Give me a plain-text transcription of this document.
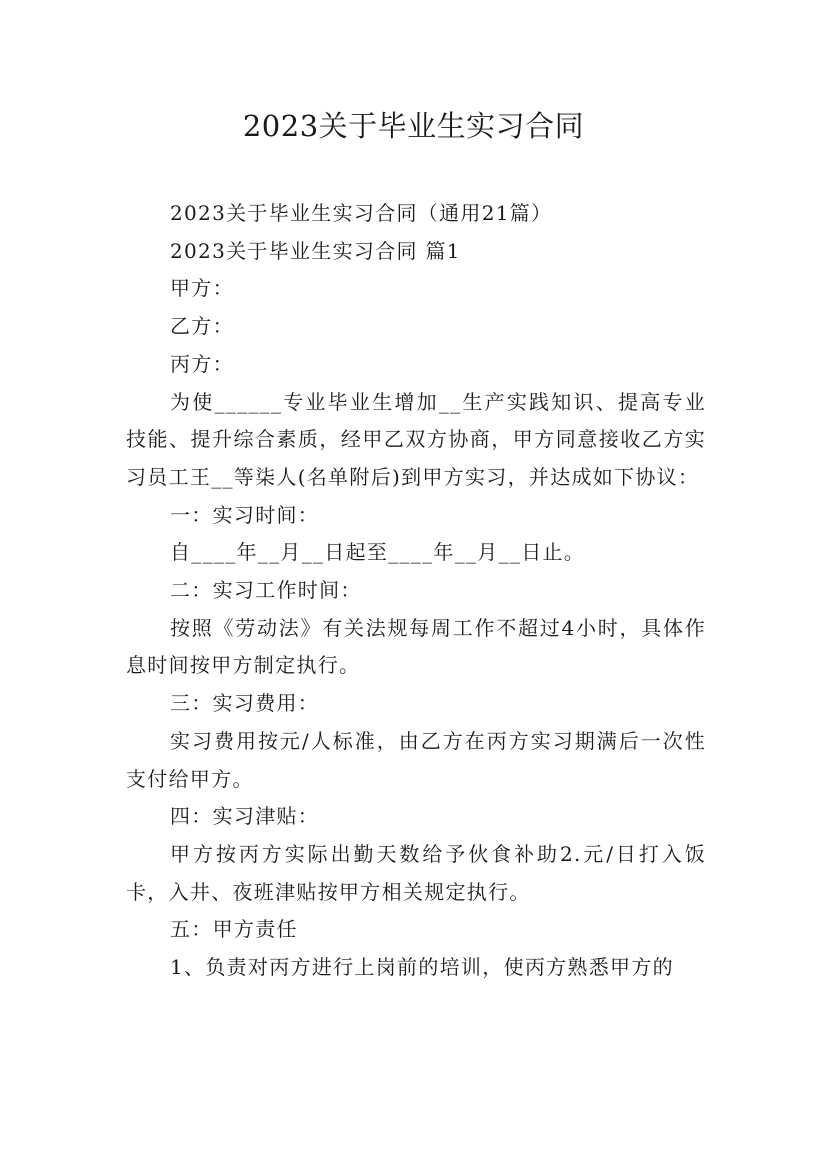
2023关于毕业生实习合同

2023关于毕业生实习合同（通用21篇）

2023关于毕业生实习合同 篇1

甲方：

乙方：

丙方：

为使______专业毕业生增加__生产实践知识、提高专业技能、提升综合素质，经甲乙双方协商，甲方同意接收乙方实习员工王__等柒人(名单附后)到甲方实习，并达成如下协议：

一：实习时间：

自____年__月__日起至____年__月__日止。

二：实习工作时间：

按照《劳动法》有关法规每周工作不超过4小时，具体作息时间按甲方制定执行。

三：实习费用：

实习费用按元/人标准，由乙方在丙方实习期满后一次性支付给甲方。

四：实习津贴：

甲方按丙方实际出勤天数给予伙食补助2.元/日打入饭卡，入井、夜班津贴按甲方相关规定执行。

五：甲方责任

1、负责对丙方进行上岗前的培训，使丙方熟悉甲方的
